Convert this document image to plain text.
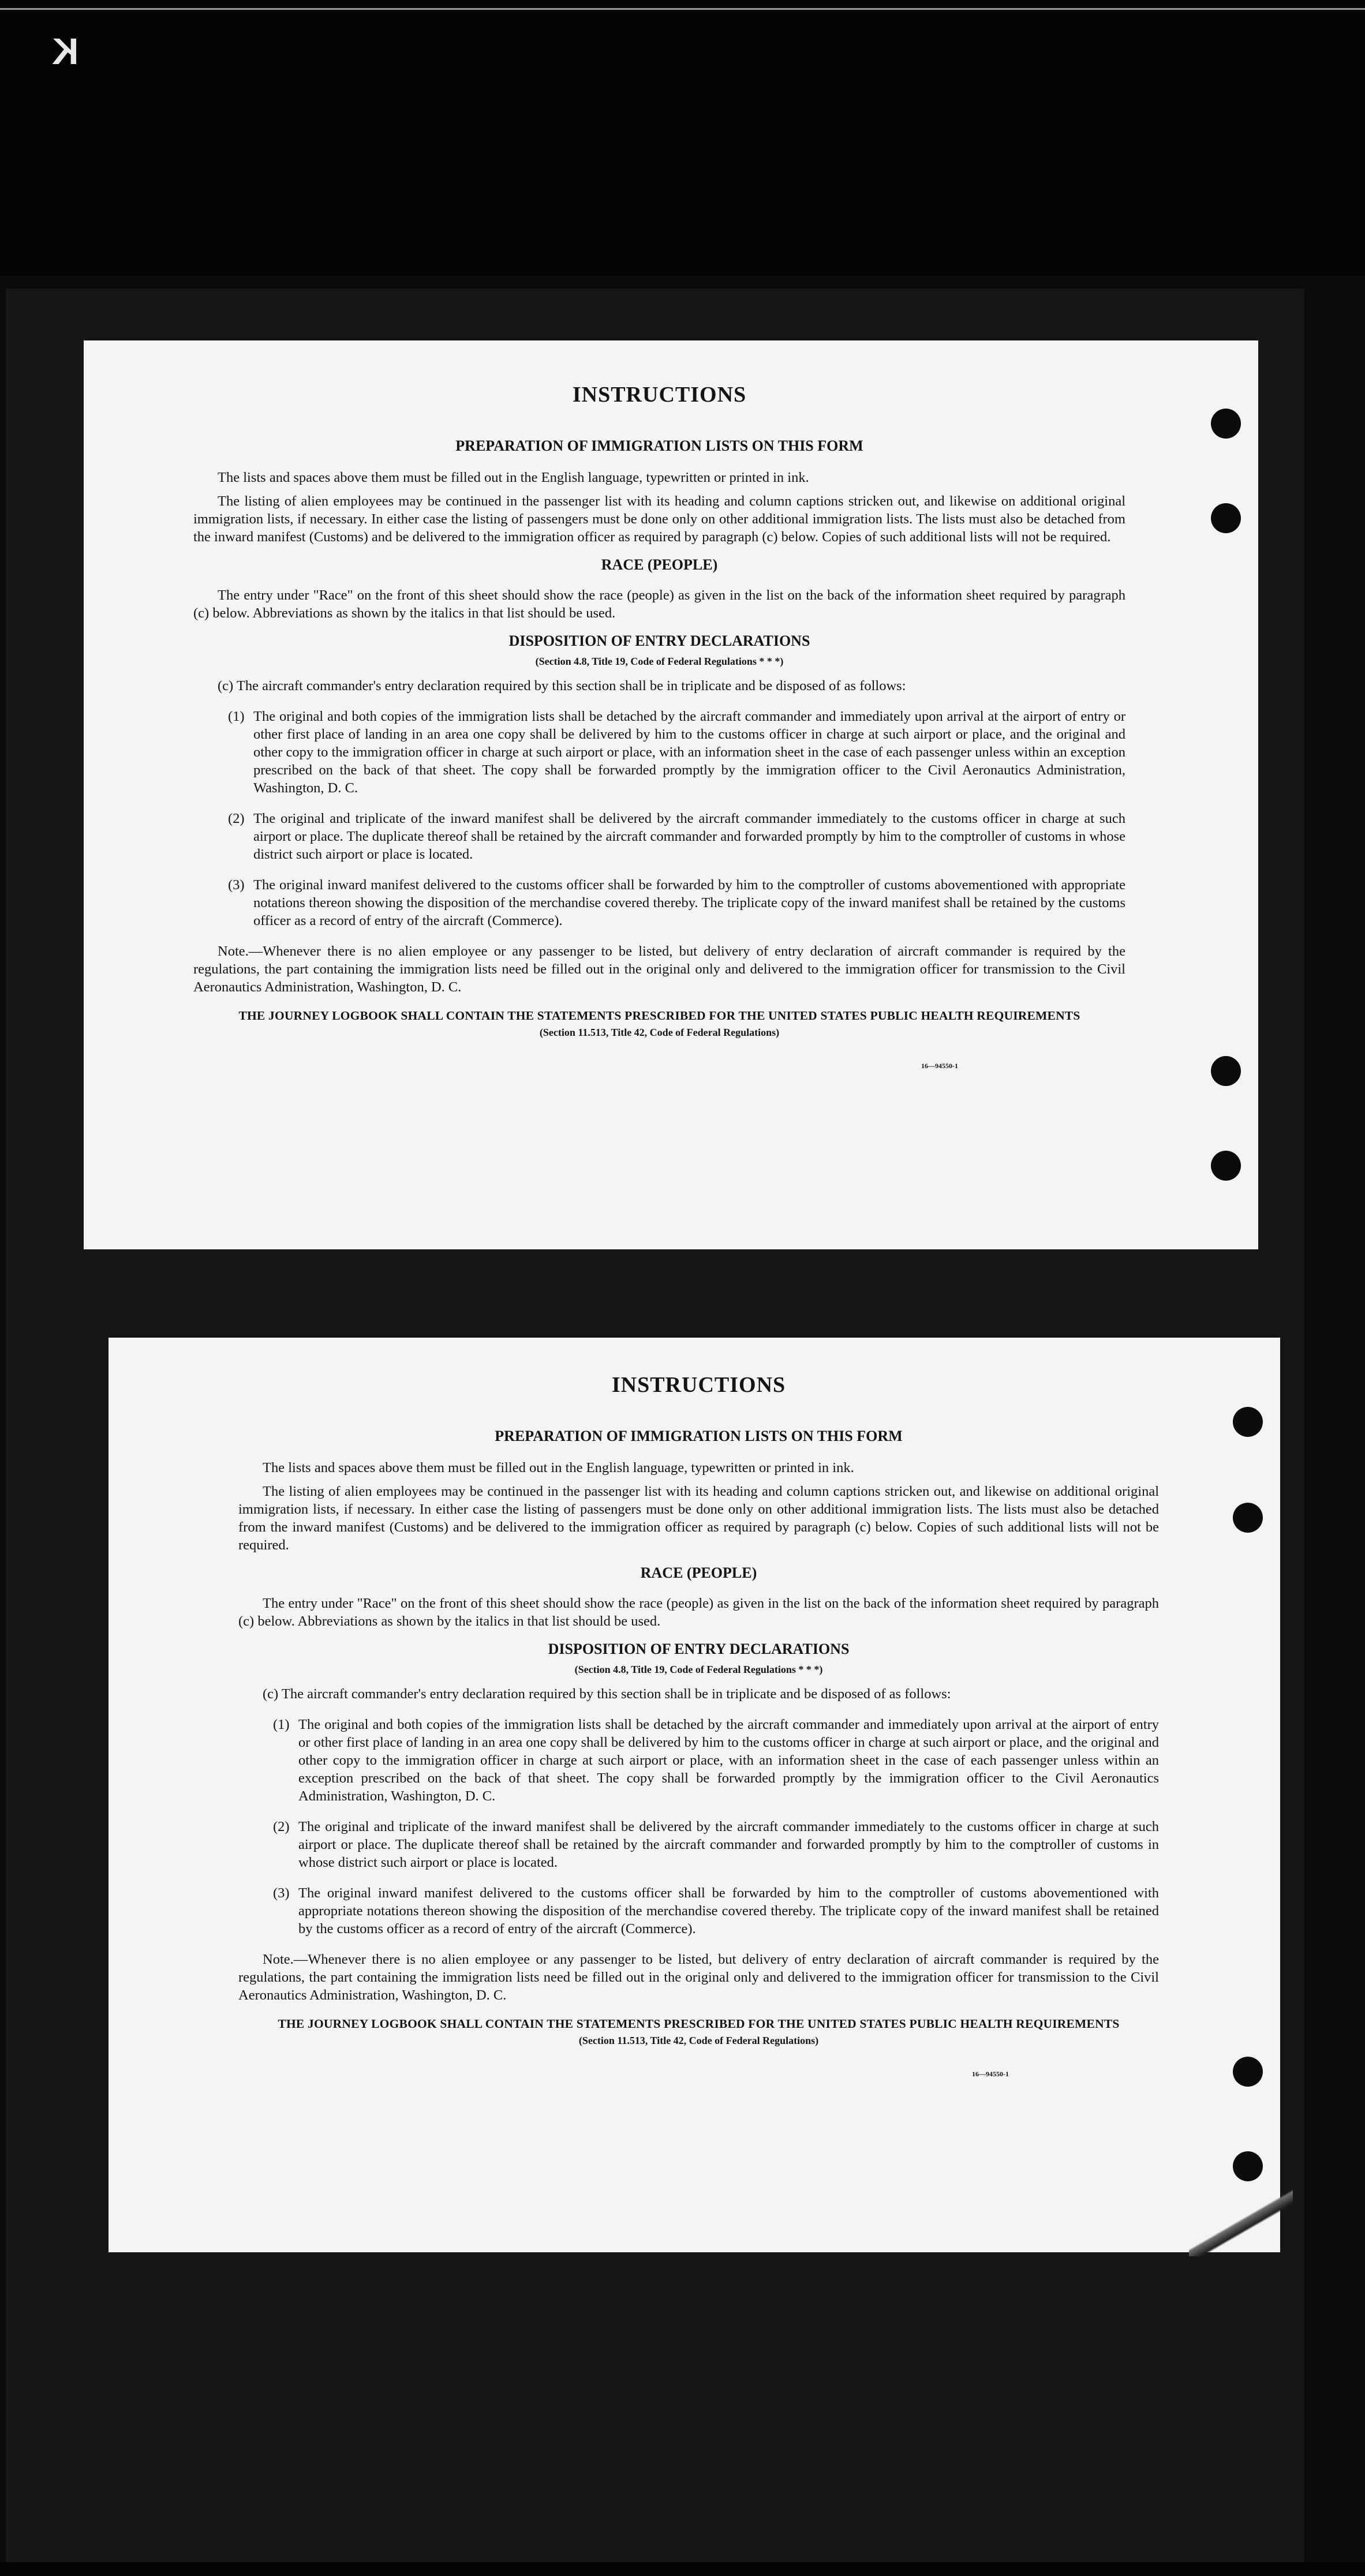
K
INSTRUCTIONS
PREPARATION OF IMMIGRATION LISTS ON THIS FORM

The lists and spaces above them must be filled out in the English language, typewritten or printed in ink.

The listing of alien employees may be continued in the passenger list with its heading and column captions stricken out, and likewise on additional original immigration lists, if necessary. In either case the listing of passengers must be done only on other additional immigration lists. The lists must also be detached from the inward manifest (Customs) and be delivered to the immigration officer as required by paragraph (c) below. Copies of such additional lists will not be required.

RACE (PEOPLE)

The entry under "Race" on the front of this sheet should show the race (people) as given in the list on the back of the information sheet required by paragraph (c) below. Abbreviations as shown by the italics in that list should be used.

DISPOSITION OF ENTRY DECLARATIONS
(Section 4.8, Title 19, Code of Federal Regulations * * *)

(c) The aircraft commander's entry declaration required by this section shall be in triplicate and be disposed of as follows:

(1) The original and both copies of the immigration lists shall be detached by the aircraft commander and immediately upon arrival at the airport of entry or other first place of landing in an area one copy shall be delivered by him to the customs officer in charge at such airport or place, and the original and other copy to the immigration officer in charge at such airport or place, with an information sheet in the case of each passenger unless within an exception prescribed on the back of that sheet. The copy shall be forwarded promptly by the immigration officer to the Civil Aeronautics Administration, Washington, D. C.

(2) The original and triplicate of the inward manifest shall be delivered by the aircraft commander immediately to the customs officer in charge at such airport or place. The duplicate thereof shall be retained by the aircraft commander and forwarded promptly by him to the comptroller of customs in whose district such airport or place is located.

(3) The original inward manifest delivered to the customs officer shall be forwarded by him to the comptroller of customs abovementioned with appropriate notations thereon showing the disposition of the merchandise covered thereby. The triplicate copy of the inward manifest shall be retained by the customs officer as a record of entry of the aircraft (Commerce).

Note.—Whenever there is no alien employee or any passenger to be listed, but delivery of entry declaration of aircraft commander is required by the regulations, the part containing the immigration lists need be filled out in the original only and delivered to the immigration officer for transmission to the Civil Aeronautics Administration, Washington, D. C.

THE JOURNEY LOGBOOK SHALL CONTAIN THE STATEMENTS PRESCRIBED FOR THE UNITED STATES PUBLIC HEALTH REQUIREMENTS
(Section 11.513, Title 42, Code of Federal Regulations)
16—94550-1
INSTRUCTIONS
PREPARATION OF IMMIGRATION LISTS ON THIS FORM

The lists and spaces above them must be filled out in the English language, typewritten or printed in ink.

The listing of alien employees may be continued in the passenger list with its heading and column captions stricken out, and likewise on additional original immigration lists, if necessary. In either case the listing of passengers must be done only on other additional immigration lists. The lists must also be detached from the inward manifest (Customs) and be delivered to the immigration officer as required by paragraph (c) below. Copies of such additional lists will not be required.

RACE (PEOPLE)

The entry under "Race" on the front of this sheet should show the race (people) as given in the list on the back of the information sheet required by paragraph (c) below. Abbreviations as shown by the italics in that list should be used.

DISPOSITION OF ENTRY DECLARATIONS
(Section 4.8, Title 19, Code of Federal Regulations * * *)

(c) The aircraft commander's entry declaration required by this section shall be in triplicate and be disposed of as follows:

(1) The original and both copies of the immigration lists shall be detached by the aircraft commander and immediately upon arrival at the airport of entry or other first place of landing in an area one copy shall be delivered by him to the customs officer in charge at such airport or place, and the original and other copy to the immigration officer in charge at such airport or place, with an information sheet in the case of each passenger unless within an exception prescribed on the back of that sheet. The copy shall be forwarded promptly by the immigration officer to the Civil Aeronautics Administration, Washington, D. C.

(2) The original and triplicate of the inward manifest shall be delivered by the aircraft commander immediately to the customs officer in charge at such airport or place. The duplicate thereof shall be retained by the aircraft commander and forwarded promptly by him to the comptroller of customs in whose district such airport or place is located.

(3) The original inward manifest delivered to the customs officer shall be forwarded by him to the comptroller of customs abovementioned with appropriate notations thereon showing the disposition of the merchandise covered thereby. The triplicate copy of the inward manifest shall be retained by the customs officer as a record of entry of the aircraft (Commerce).

Note.—Whenever there is no alien employee or any passenger to be listed, but delivery of entry declaration of aircraft commander is required by the regulations, the part containing the immigration lists need be filled out in the original only and delivered to the immigration officer for transmission to the Civil Aeronautics Administration, Washington, D. C.

THE JOURNEY LOGBOOK SHALL CONTAIN THE STATEMENTS PRESCRIBED FOR THE UNITED STATES PUBLIC HEALTH REQUIREMENTS
(Section 11.513, Title 42, Code of Federal Regulations)
16—94550-1
